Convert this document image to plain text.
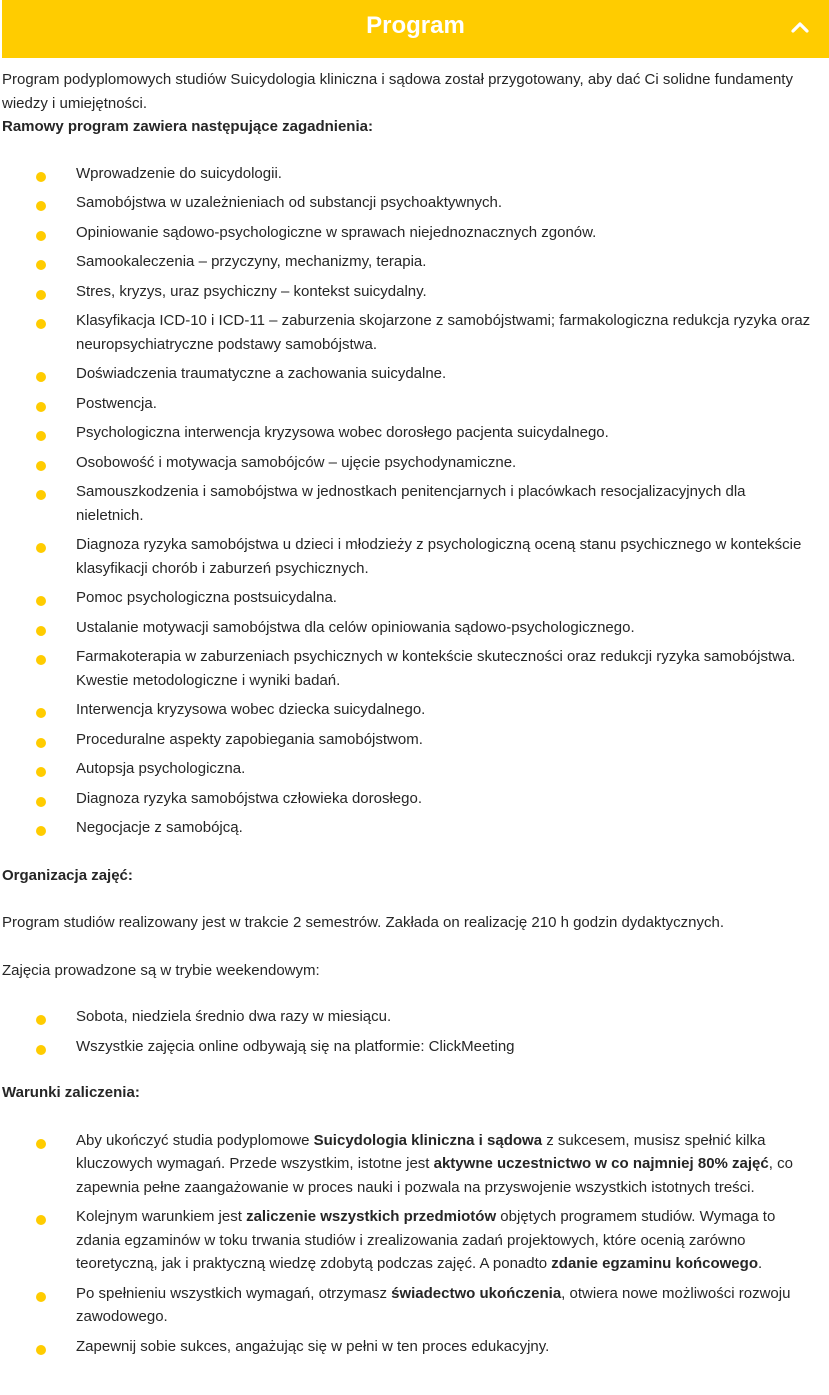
Program

Program podyplomowych studiów Suicydologia kliniczna i sądowa został przygotowany, aby dać Ci solidne fundamenty wiedzy i umiejętności.

Ramowy program zawiera następujące zagadnienia:

Wprowadzenie do suicydologii.
Samobójstwa w uzależnieniach od substancji psychoaktywnych.
Opiniowanie sądowo-psychologiczne w sprawach niejednoznacznych zgonów.
Samookaleczenia – przyczyny, mechanizmy, terapia.
Stres, kryzys, uraz psychiczny – kontekst suicydalny.
Klasyfikacja ICD-10 i ICD-11 – zaburzenia skojarzone z samobójstwami; farmakologiczna redukcja ryzyka oraz neuropsychiatryczne podstawy samobójstwa.
Doświadczenia traumatyczne a zachowania suicydalne.
Postwencja.
Psychologiczna interwencja kryzysowa wobec dorosłego pacjenta suicydalnego.
Osobowość i motywacja samobójców – ujęcie psychodynamiczne.
Samouszkodzenia i samobójstwa w jednostkach penitencjarnych i placówkach resocjalizacyjnych dla nieletnich.
Diagnoza ryzyka samobójstwa u dzieci i młodzieży z psychologiczną oceną stanu psychicznego w kontekście klasyfikacji chorób i zaburzeń psychicznych.
Pomoc psychologiczna postsuicydalna.
Ustalanie motywacji samobójstwa dla celów opiniowania sądowo-psychologicznego.
Farmakoterapia w zaburzeniach psychicznych w kontekście skuteczności oraz redukcji ryzyka samobójstwa. Kwestie metodologiczne i wyniki badań.
Interwencja kryzysowa wobec dziecka suicydalnego.
Proceduralne aspekty zapobiegania samobójstwom.
Autopsja psychologiczna.
Diagnoza ryzyka samobójstwa człowieka dorosłego.
Negocjacje z samobójcą.

Organizacja zajęć:

Program studiów realizowany jest w trakcie 2 semestrów. Zakłada on realizację 210 h godzin dydaktycznych.

Zajęcia prowadzone są w trybie weekendowym:

Sobota, niedziela średnio dwa razy w miesiącu.
Wszystkie zajęcia online odbywają się na platformie: ClickMeeting

Warunki zaliczenia:

Aby ukończyć studia podyplomowe Suicydologia kliniczna i sądowa z sukcesem, musisz spełnić kilka kluczowych wymagań. Przede wszystkim, istotne jest aktywne uczestnictwo w co najmniej 80% zajęć, co zapewnia pełne zaangażowanie w proces nauki i pozwala na przyswojenie wszystkich istotnych treści.
Kolejnym warunkiem jest zaliczenie wszystkich przedmiotów objętych programem studiów. Wymaga to zdania egzaminów w toku trwania studiów i zrealizowania zadań projektowych, które ocenią zarówno teoretyczną, jak i praktyczną wiedzę zdobytą podczas zajęć. A ponadto zdanie egzaminu końcowego.
Po spełnieniu wszystkich wymagań, otrzymasz świadectwo ukończenia, otwiera nowe możliwości rozwoju zawodowego.
Zapewnij sobie sukces, angażując się w pełni w ten proces edukacyjny.
